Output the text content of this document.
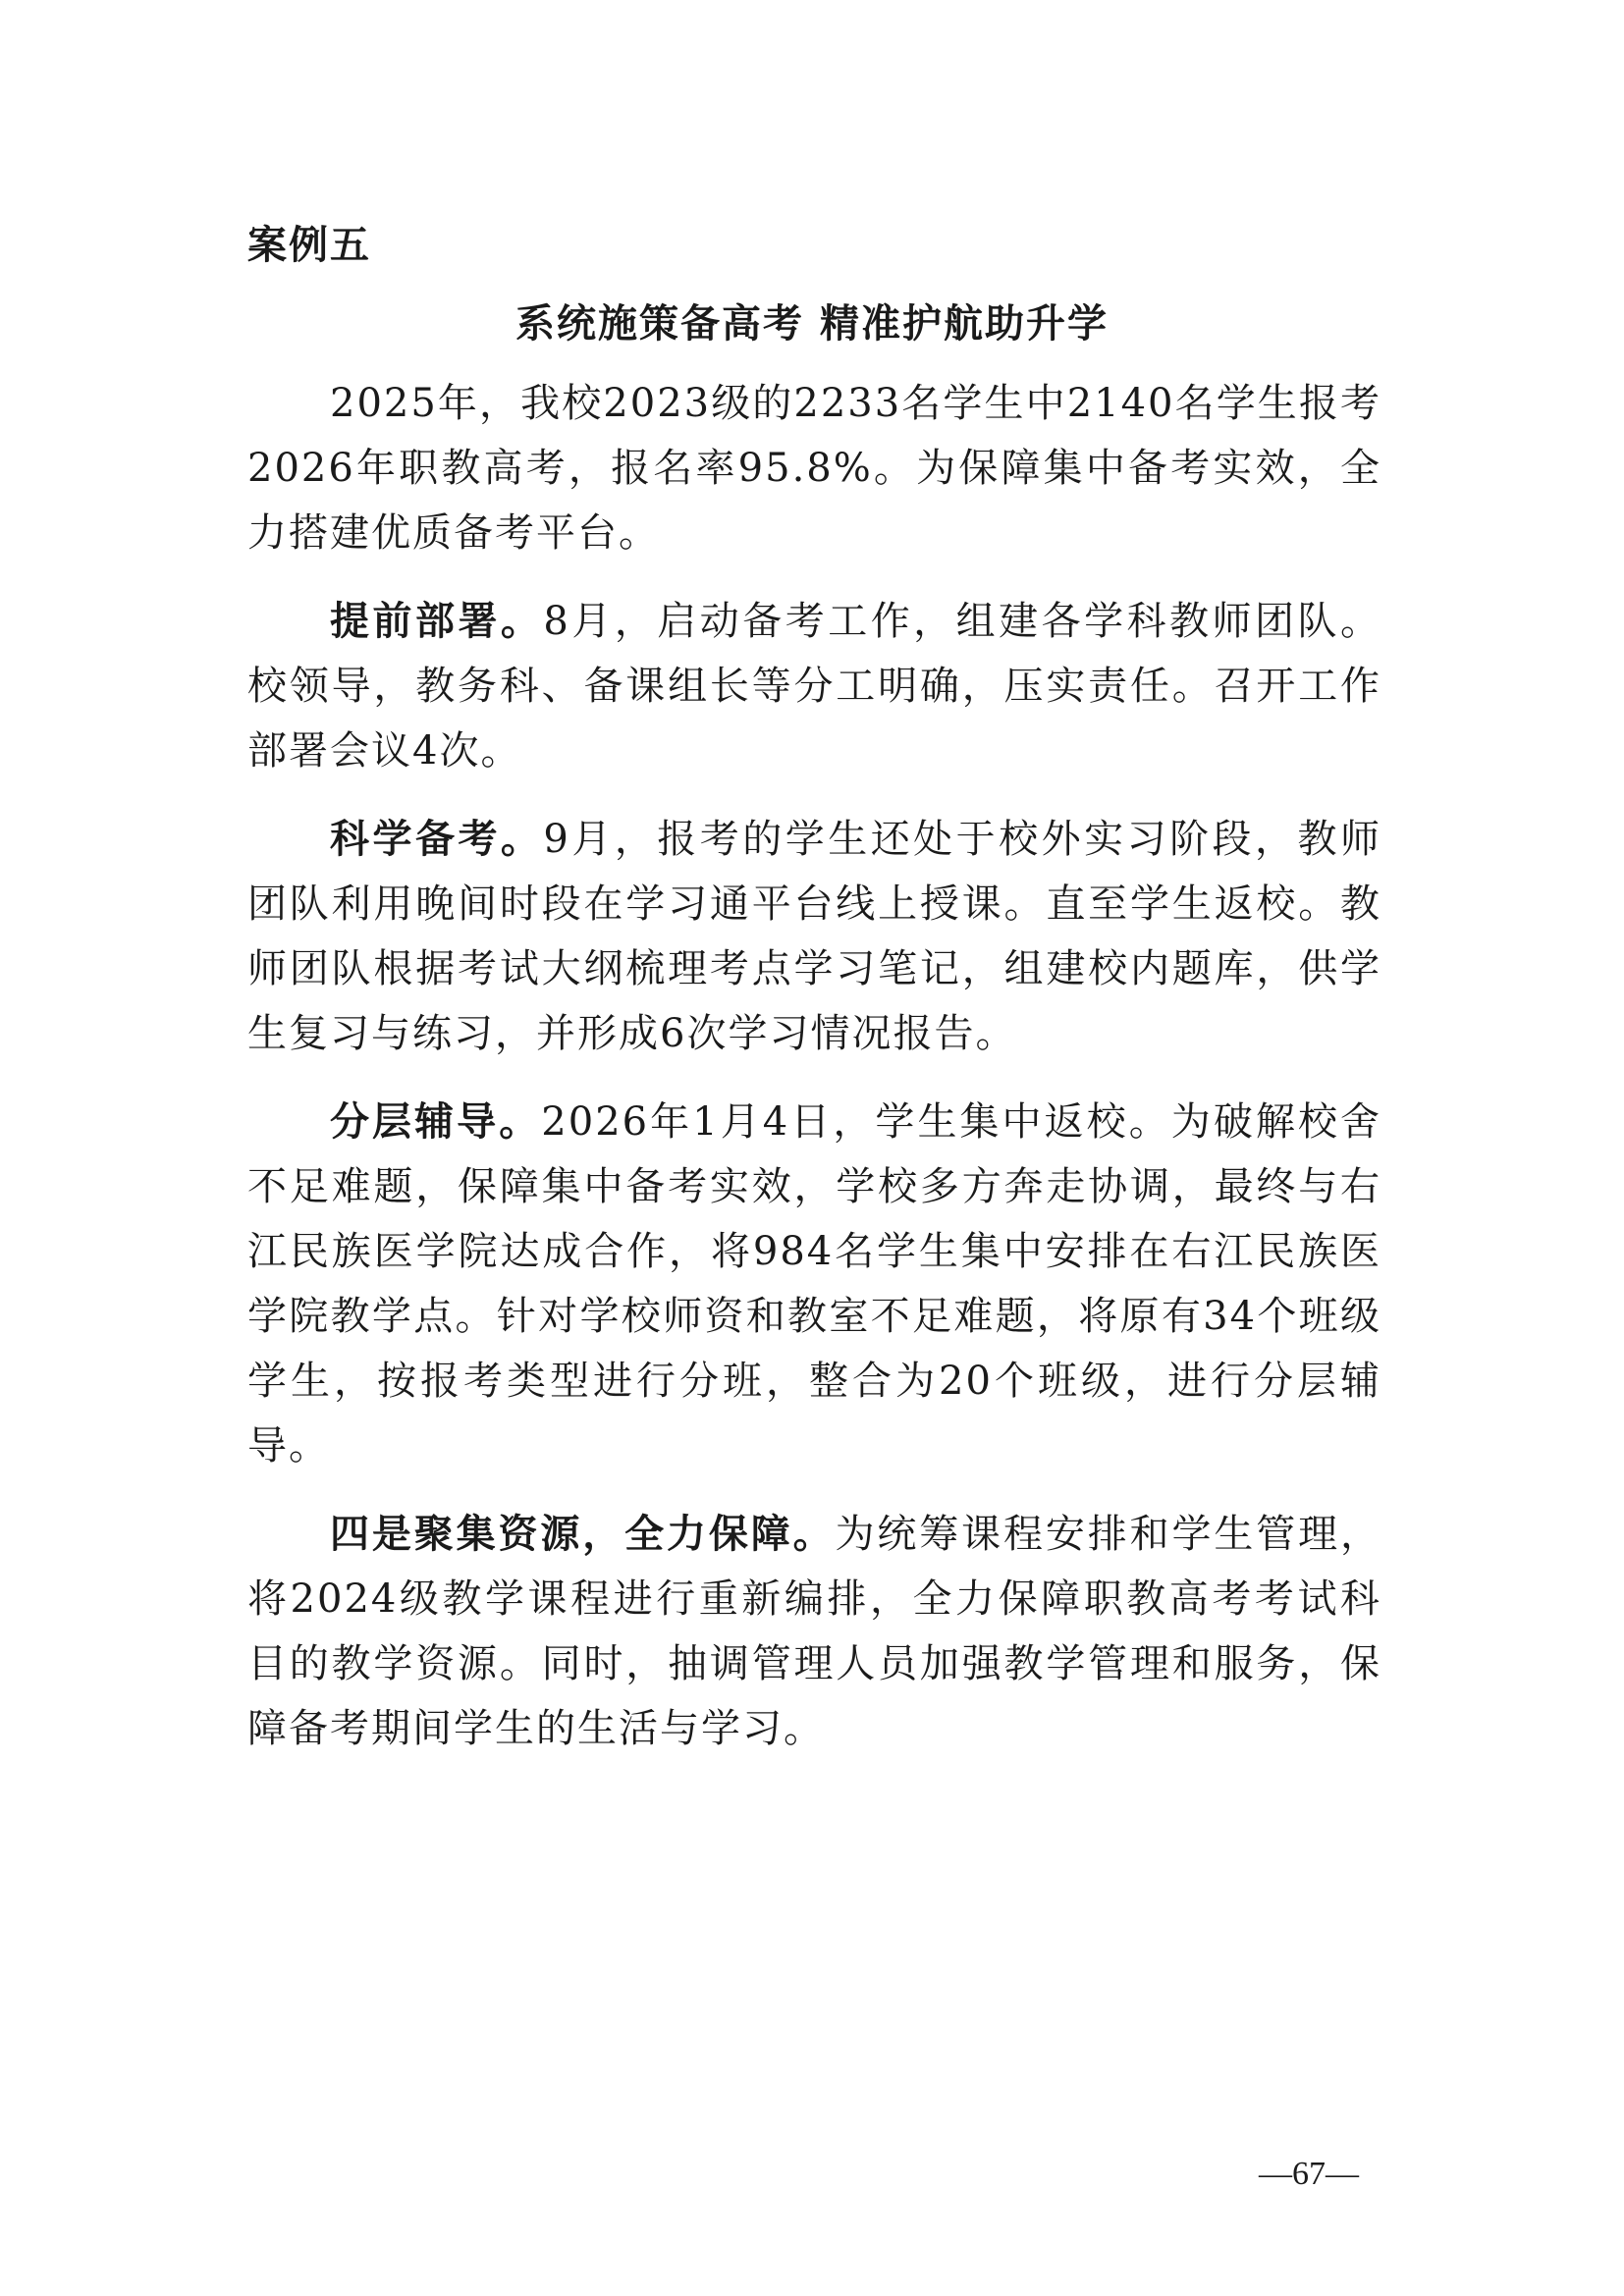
案例五
系统施策备高考 精准护航助升学

2025年，我校2023级的2233名学生中2140名学生报考2026年职教高考，报名率95.8%。为保障集中备考实效，全力搭建优质备考平台。

提前部署。8月，启动备考工作，组建各学科教师团队。校领导，教务科、备课组长等分工明确，压实责任。召开工作部署会议4次。

科学备考。9月，报考的学生还处于校外实习阶段，教师团队利用晚间时段在学习通平台线上授课。直至学生返校。教师团队根据考试大纲梳理考点学习笔记，组建校内题库，供学生复习与练习，并形成6次学习情况报告。

分层辅导。2026年1月4日，学生集中返校。为破解校舍不足难题，保障集中备考实效，学校多方奔走协调，最终与右江民族医学院达成合作，将984名学生集中安排在右江民族医学院教学点。针对学校师资和教室不足难题，将原有34个班级学生，按报考类型进行分班，整合为20个班级，进行分层辅导。

四是聚集资源，全力保障。为统筹课程安排和学生管理，将2024级教学课程进行重新编排，全力保障职教高考考试科目的教学资源。同时，抽调管理人员加强教学管理和服务，保障备考期间学生的生活与学习。

—67—
